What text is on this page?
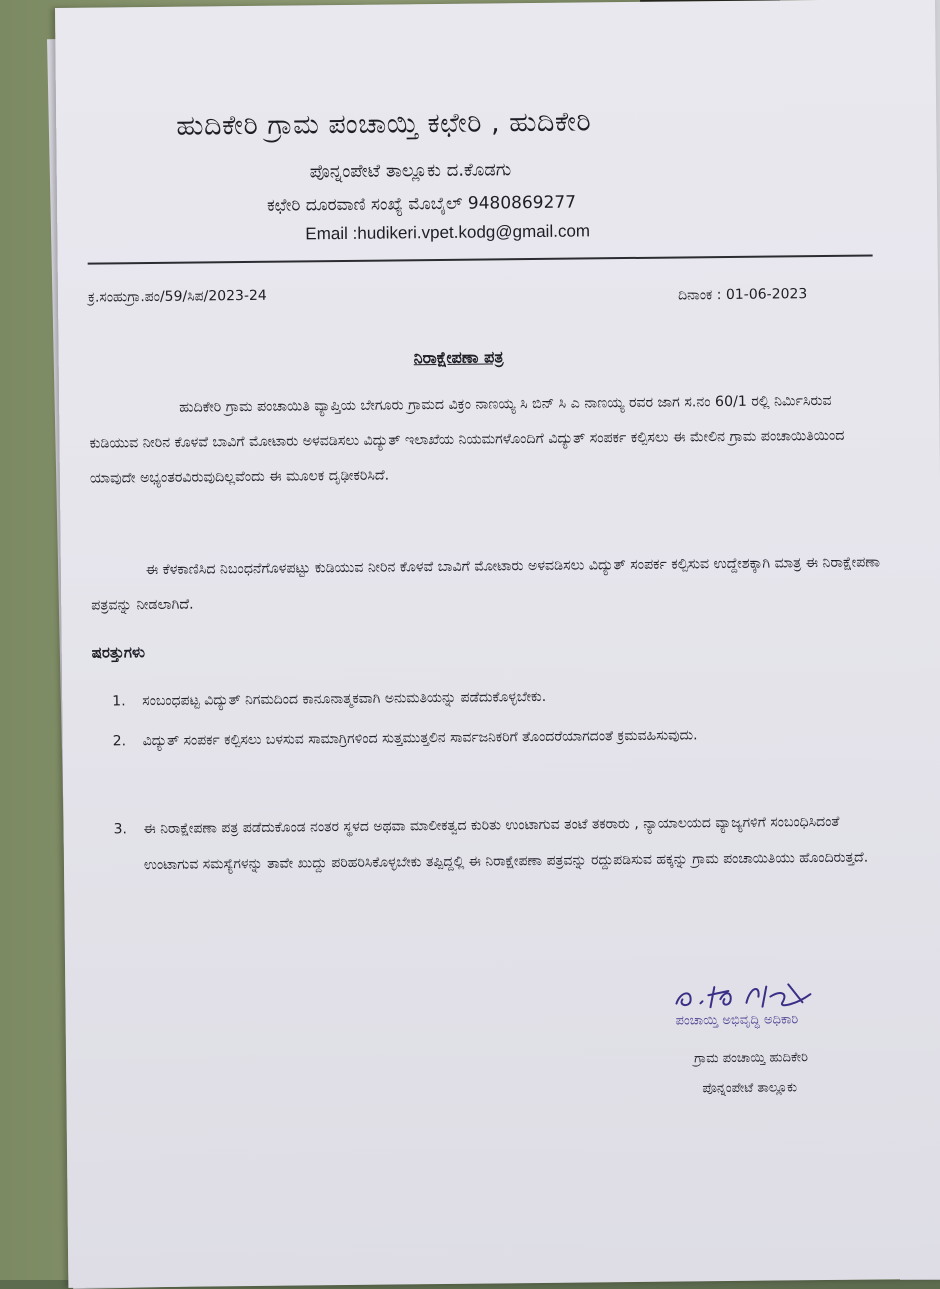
ಹುದಿಕೇರಿ ಗ್ರಾಮ ಪಂಚಾಯ್ತಿ ಕಛೇರಿ , ಹುದಿಕೇರಿ
ಪೊನ್ನಂಪೇಟೆ ತಾಲ್ಲೂಕು ದ.ಕೊಡಗು
ಕಛೇರಿ ದೂರವಾಣಿ ಸಂಖ್ಯೆ ಮೊಬೈಲ್ 9480869277
Email :hudikeri.vpet.kodg@gmail.com
ಕ್ರ.ಸಂಹುಗ್ರಾ.ಪಂ/59/ಸಿಪ/2023-24	ದಿನಾಂಕ : 01-06-2023
ನಿರಾಕ್ಷೇಪಣಾ ಪತ್ರ
ಹುದಿಕೇರಿ ಗ್ರಾಮ ಪಂಚಾಯಿತಿ ವ್ಯಾಪ್ತಿಯ ಬೇಗೂರು ಗ್ರಾಮದ ವಿಕ್ರಂ ನಾಣಯ್ಯ ಸಿ ಬಿನ್ ಸಿ ಎ ನಾಣಯ್ಯ ರವರ ಜಾಗ ಸ.ನಂ 60/1 ರಲ್ಲಿ ನಿರ್ಮಿಸಿರುವ ಕುಡಿಯುವ ನೀರಿನ ಕೊಳವೆ ಬಾವಿಗೆ ಮೋಟಾರು ಅಳವಡಿಸಲು ವಿದ್ಯುತ್ ಇಲಾಖೆಯ ನಿಯಮಗಳೊಂದಿಗೆ ವಿದ್ಯುತ್ ಸಂಪರ್ಕ ಕಲ್ಪಿಸಲು ಈ ಮೇಲಿನ ಗ್ರಾಮ ಪಂಚಾಯಿತಿಯಿಂದ ಯಾವುದೇ ಅಭ್ಯಂತರವಿರುವುದಿಲ್ಲವೆಂದು ಈ ಮೂಲಕ ದೃಢೀಕರಿಸಿದೆ.
ಈ ಕೆಳಕಾಣಿಸಿದ ನಿಬಂಧನೆಗೊಳಪಟ್ಟು ಕುಡಿಯುವ ನೀರಿನ ಕೊಳವೆ ಬಾವಿಗೆ ಮೋಟಾರು ಅಳವಡಿಸಲು ವಿದ್ಯುತ್ ಸಂಪರ್ಕ ಕಲ್ಪಿಸುವ ಉದ್ದೇಶಕ್ಕಾಗಿ ಮಾತ್ರ ಈ ನಿರಾಕ್ಷೇಪಣಾ ಪತ್ರವನ್ನು ನೀಡಲಾಗಿದೆ.
ಷರತ್ತುಗಳು
1. ಸಂಬಂಧಪಟ್ಟ ವಿದ್ಯುತ್ ನಿಗಮದಿಂದ ಕಾನೂನಾತ್ಮಕವಾಗಿ ಅನುಮತಿಯನ್ನು ಪಡೆದುಕೊಳ್ಳಬೇಕು.
2. ವಿದ್ಯುತ್ ಸಂಪರ್ಕ ಕಲ್ಪಿಸಲು ಬಳಸುವ ಸಾಮಾಗ್ರಿಗಳಿಂದ ಸುತ್ತಮುತ್ತಲಿನ ಸಾರ್ವಜನಿಕರಿಗೆ ತೊಂದರೆಯಾಗದಂತೆ ಕ್ರಮವಹಿಸುವುದು.
3. ಈ ನಿರಾಕ್ಷೇಪಣಾ ಪತ್ರ ಪಡೆದುಕೊಂಡ ನಂತರ ಸ್ಥಳದ ಅಥವಾ ಮಾಲೀಕತ್ವದ ಕುರಿತು ಉಂಟಾಗುವ ತಂಟೆ ತಕರಾರು , ನ್ಯಾಯಾಲಯದ ವ್ಯಾಜ್ಯಗಳಿಗೆ ಸಂಬಂಧಿಸಿದಂತೆ ಉಂಟಾಗುವ ಸಮಸ್ಯೆಗಳನ್ನು ತಾವೇ ಖುದ್ದು ಪರಿಹರಿಸಿಕೊಳ್ಳಬೇಕು ತಪ್ಪಿದ್ದಲ್ಲಿ ಈ ನಿರಾಕ್ಷೇಪಣಾ ಪತ್ರವನ್ನು ರದ್ದುಪಡಿಸುವ ಹಕ್ಕನ್ನು ಗ್ರಾಮ ಪಂಚಾಯಿತಿಯು ಹೊಂದಿರುತ್ತದೆ.
ಪಂಚಾಯ್ತಿ ಅಭಿವೃದ್ಧಿ ಅಧಿಕಾರಿ
ಗ್ರಾಮ ಪಂಚಾಯ್ತಿ ಹುದಿಕೇರಿ
ಪೊನ್ನಂಪೇಟೆ ತಾಲ್ಲೂಕು
